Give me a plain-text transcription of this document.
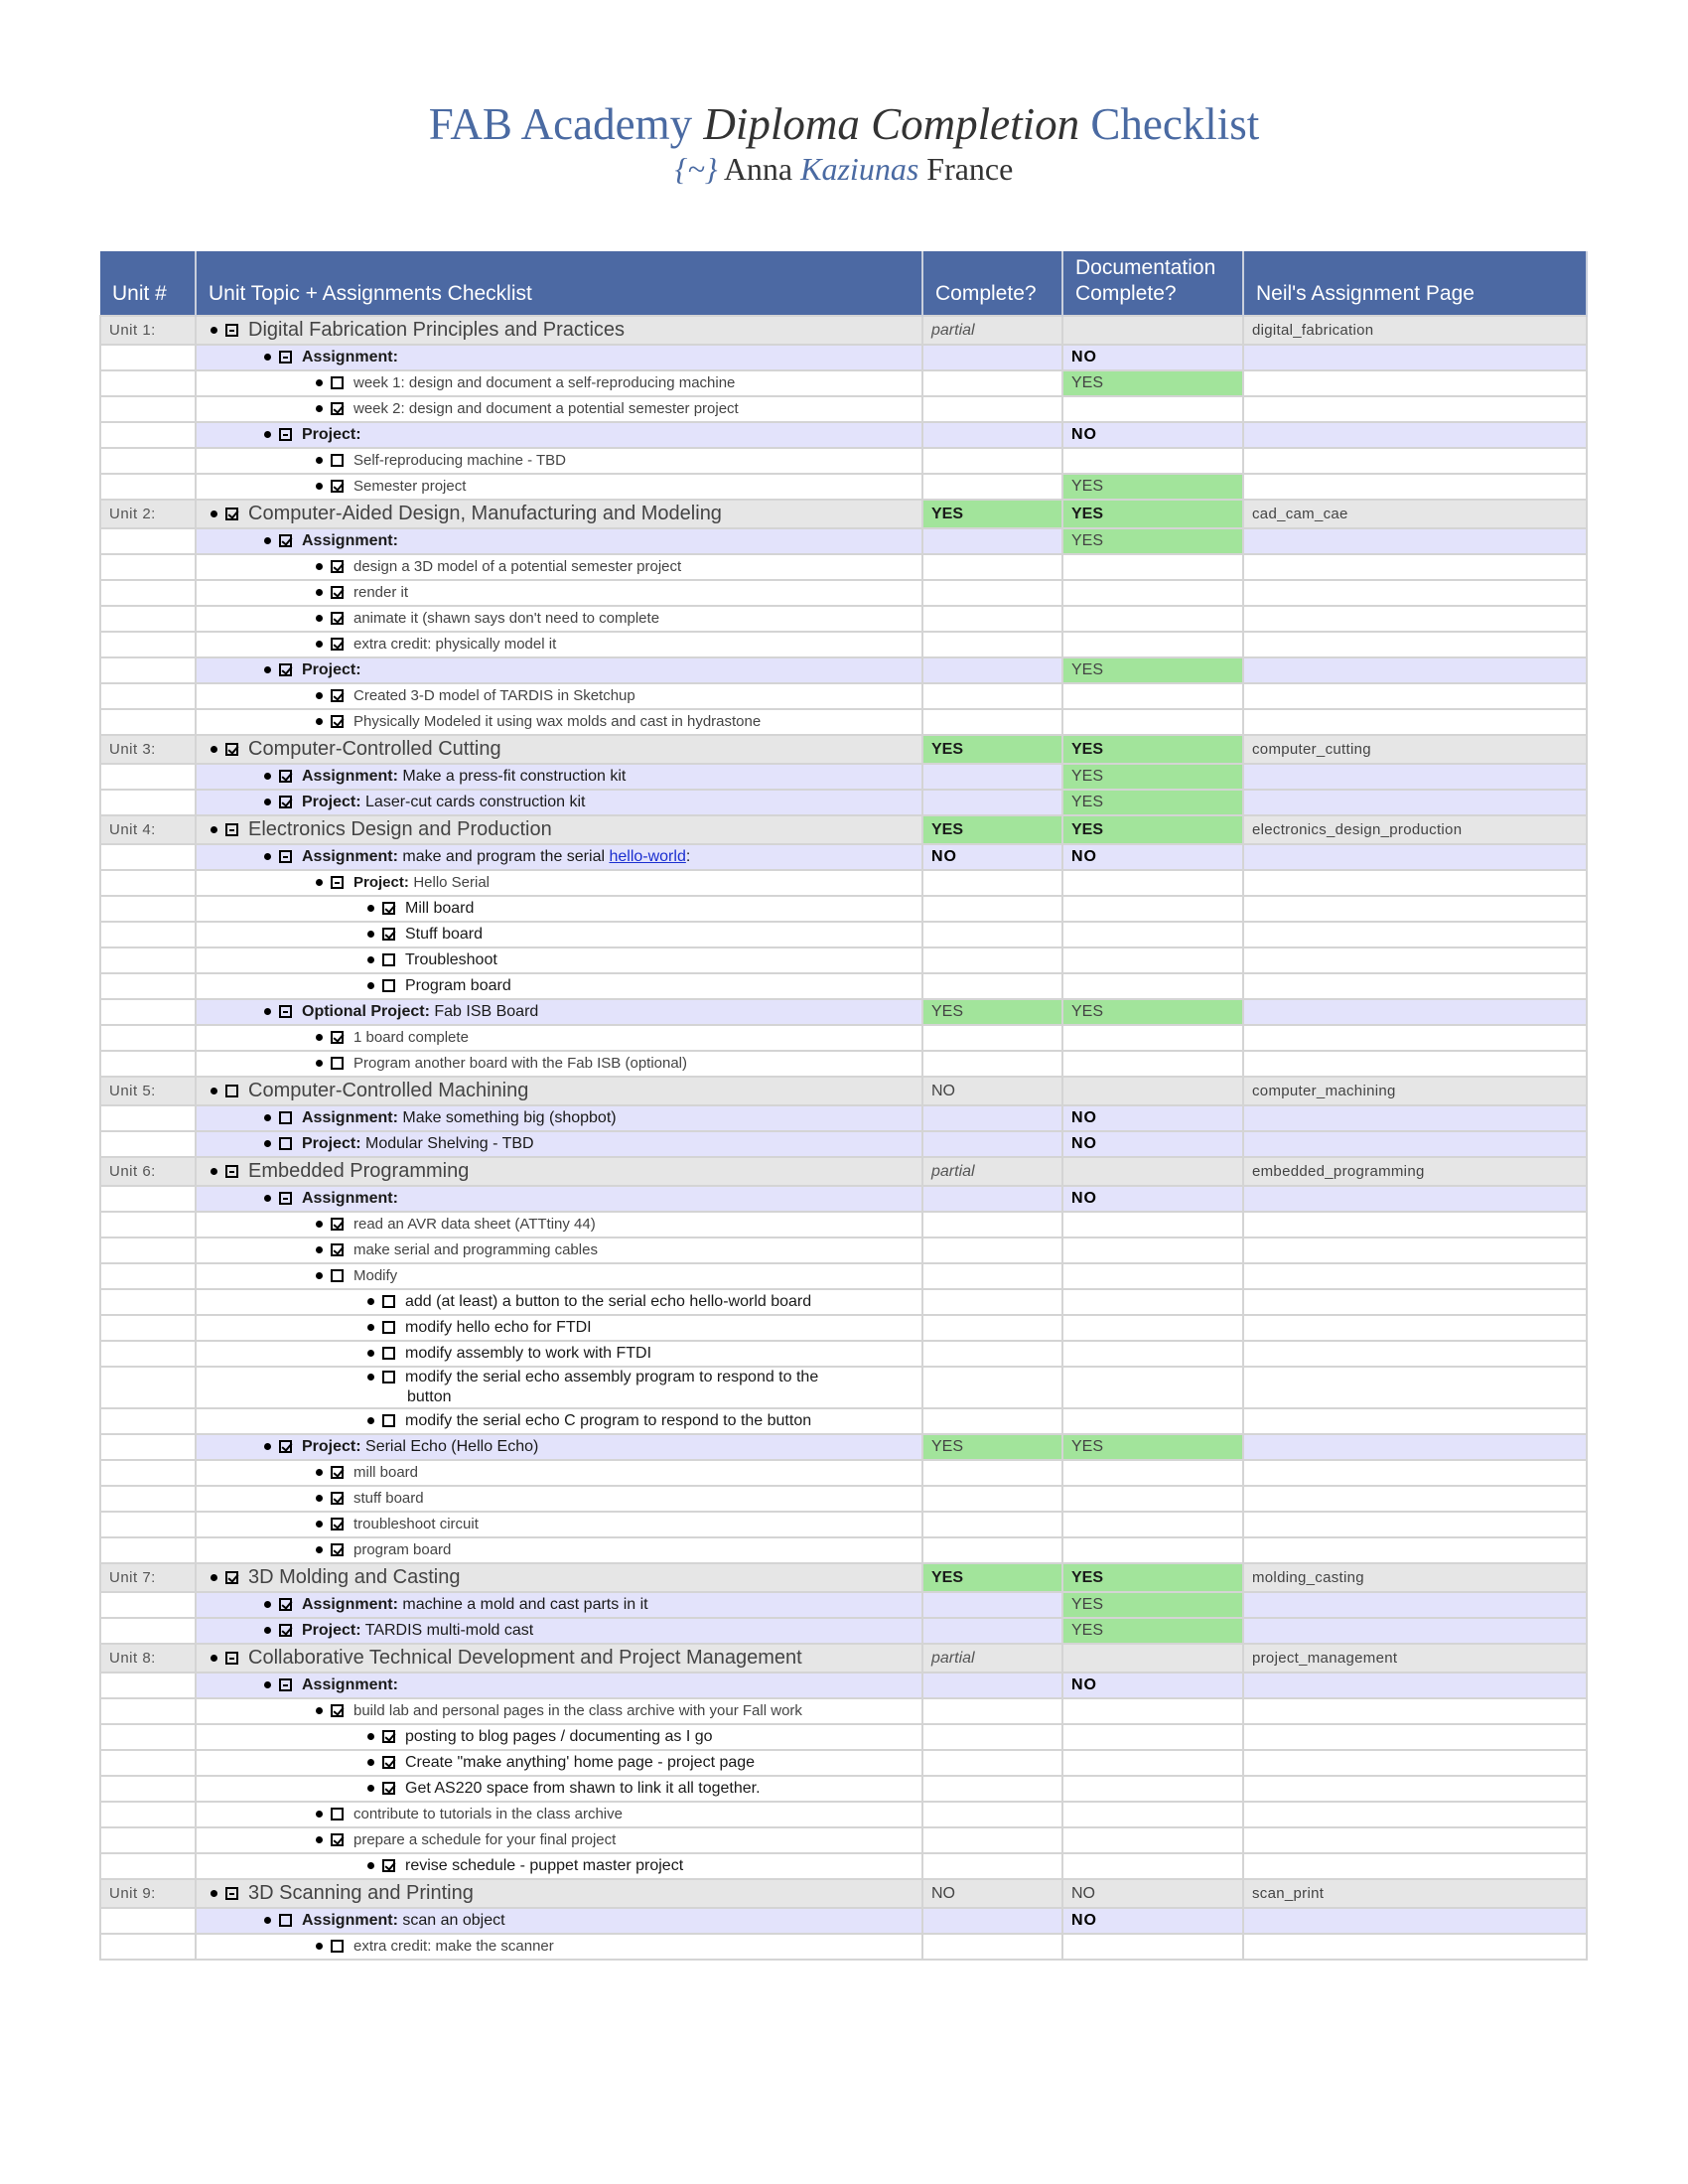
FAB Academy Diploma Completion Checklist
{~} Anna Kaziunas France
Unit #	Unit Topic + Assignments Checklist	Complete?	Documentation
Complete?	Neil's Assignment Page
Unit 1:	Digital Fabrication Principles and Practices	partial		digital_fabrication
	Assignment:		NO	
	week 1: design and document a self-reproducing machine		YES	
	week 2: design and document a potential semester project			
	Project:		NO	
	Self-reproducing machine - TBD			
	Semester project		YES	
Unit 2:	Computer-Aided Design, Manufacturing and Modeling	YES	YES	cad_cam_cae
	Assignment:		YES	
	design a 3D model of a potential semester project			
	render it			
	animate it (shawn says don't need to complete			
	extra credit: physically model it			
	Project:		YES	
	Created 3-D model of TARDIS in Sketchup			
	Physically Modeled it using wax molds and cast in hydrastone			
Unit 3:	Computer-Controlled Cutting	YES	YES	computer_cutting
	Assignment: Make a press-fit construction kit		YES	
	Project: Laser-cut cards construction kit		YES	
Unit 4:	Electronics Design and Production	YES	YES	electronics_design_production
	Assignment: make and program the serial hello-world:	NO	NO	
	Project: Hello Serial			
	Mill board			
	Stuff board			
	Troubleshoot			
	Program board			
	Optional Project: Fab ISB Board	YES	YES	
	1 board complete			
	Program another board with the Fab ISB (optional)			
Unit 5:	Computer-Controlled Machining	NO		computer_machining
	Assignment: Make something big (shopbot)		NO	
	Project: Modular Shelving - TBD		NO	
Unit 6:	Embedded Programming	partial		embedded_programming
	Assignment:		NO	
	read an AVR data sheet (ATTtiny 44)			
	make serial and programming cables			
	Modify			
	add (at least) a button to the serial echo hello-world board			
	modify hello echo for FTDI			
	modify assembly to work with FTDI			
	modify the serial echo assembly program to respond to the
button			
	modify the serial echo C program to respond to the button			
	Project: Serial Echo (Hello Echo)	YES	YES	
	mill board			
	stuff board			
	troubleshoot circuit			
	program board			
Unit 7:	3D Molding and Casting	YES	YES	molding_casting
	Assignment: machine a mold and cast parts in it		YES	
	Project: TARDIS multi-mold cast		YES	
Unit 8:	Collaborative Technical Development and Project Management	partial		project_management
	Assignment:		NO	
	build lab and personal pages in the class archive with your Fall work			
	posting to blog pages / documenting as I go			
	Create "make anything' home page - project page			
	Get AS220 space from shawn to link it all together.			
	contribute to tutorials in the class archive			
	prepare a schedule for your final project			
	revise schedule - puppet master project			
Unit 9:	3D Scanning and Printing	NO	NO	scan_print
	Assignment: scan an object		NO	
	extra credit: make the scanner			
